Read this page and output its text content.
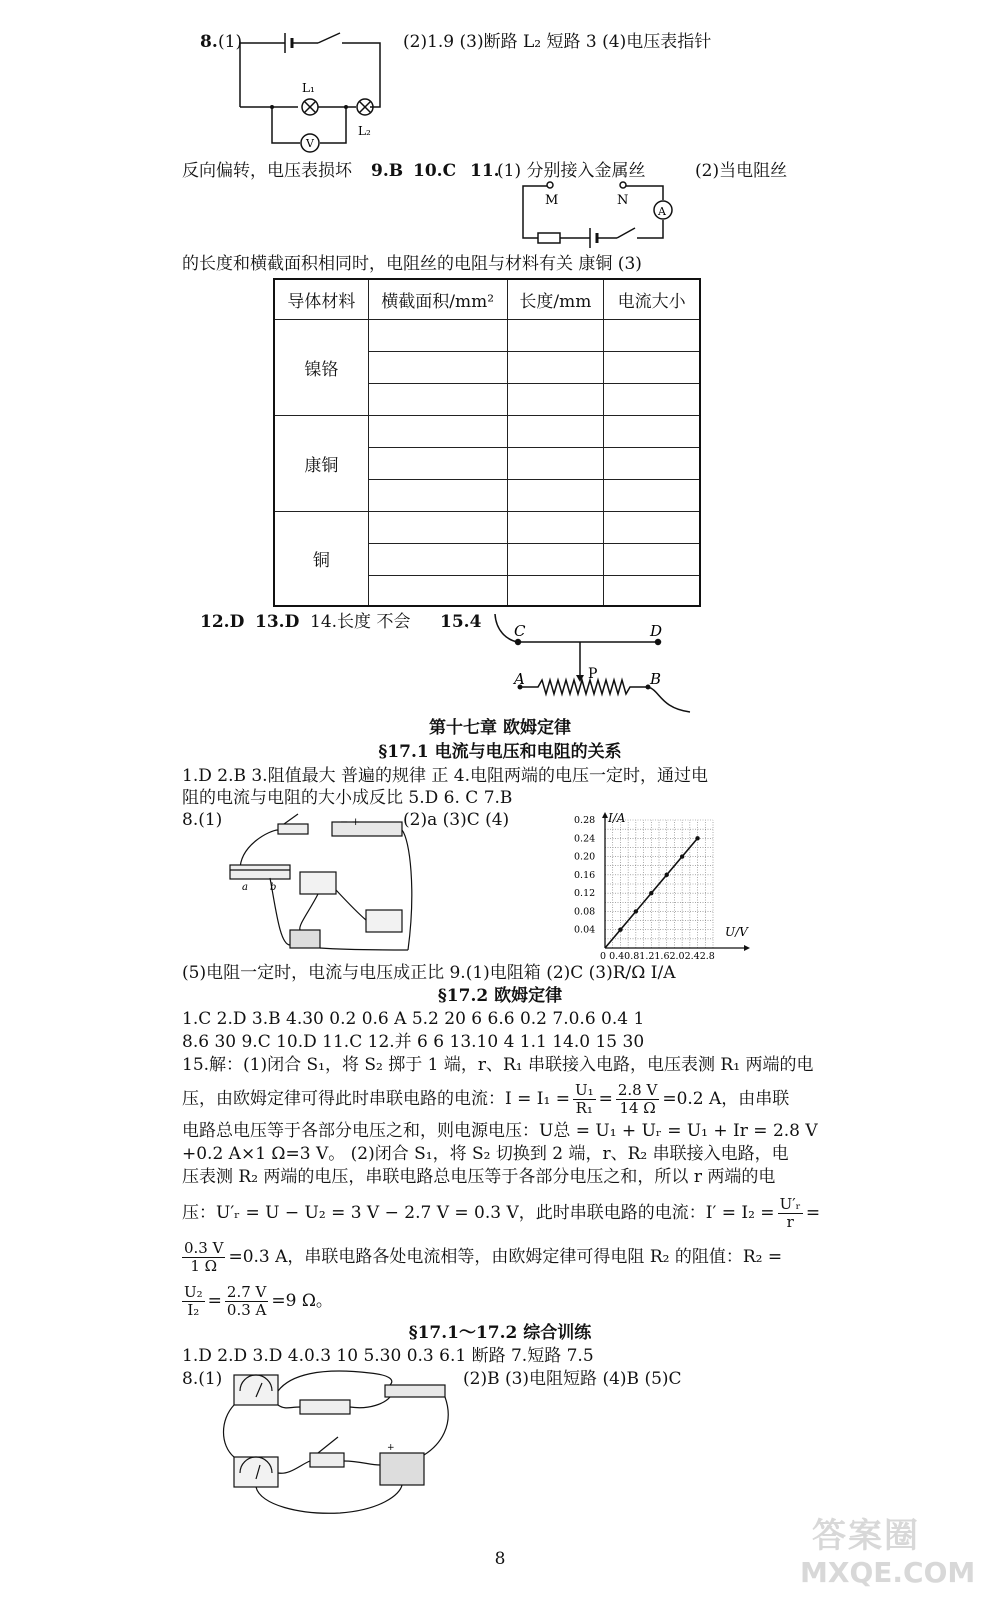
8. (1)
L₁
L₂
V
(2)1.9 (3)断路 L₂ 短路 3 (4)电压表指针
反向偏转，电压表损坏 9.B 10.C 11.
(1) 分别接入金属丝	(2)当电阻丝
M	N
A
的长度和横截面积相同时，电阻丝的电阻与材料有关 康铜 (3)
导体材料	横截面积/mm²	长度/mm	电流大小
镍铬			

康铜			

铜			

12.D 13.D 14.长度 不会 15.4 C	D
P
A	B
第十七章 欧姆定律
§17.1 电流与电压和电阻的关系
1.D 2.B 3.阻值最大 普遍的规律 正 4.电阻两端的电压一定时，通过电
阻的电流与电阻的大小成反比 5.D 6. C 7.B
8.(1)	− +
a b
(2)a (3)C (4)	0.28
0.24
0.20
0.16
0.12
0.08
0.04
I/A
U/V
0 0.40.81.21.62.02.42.8
(5)电阻一定时，电流与电压成正比 9.(1)电阻箱 (2)C (3)R/Ω I/A
§17.2 欧姆定律
1.C 2.D 3.B 4.30 0.2 0.6 A 5.2 20 6 6.6 0.2 7.0.6 0.4 1
8.6 30 9.C 10.D 11.C 12.并 6 6 13.10 4 1.1 14.0 15 30
15.解：(1)闭合 S₁，将 S₂ 掷于 1 端，r、R₁ 串联接入电路，电压表测 R₁ 两端的电
压，由欧姆定律可得此时串联电路的电流：$I = I_1 = \frac{\text{U₁}}{\text{R₁}} = \frac{2.8 V}{14 \Omega} =0.2$ A，由串联
电路总电压等于各部分电压之和，则电源电压：U总 = U₁ + Uᵣ = U₁ + Ir = 2.8 V
+0.2 A×1 Ω=3 V。 (2)闭合 S₁，将 S₂ 切换到 2 端，r、R₂ 串联接入电路，电
压表测 R₂ 两端的电压，串联电路总电压等于各部分电压之和，所以 r 两端的电
压：U′ᵣ = U − U₂ = 3 V − 2.7 V = 0.3 V，此时串联电路的电流：$I' = I_2 = \frac{\text{U′ᵣ}}{r}$ =
$\frac{0.3 V}{1 \Omega} =0.3$ A，串联电路各处电流相等，由欧姆定律可得电阻 R₂ 的阻值：R₂ =
$\frac{\text{U₂}}{\text{I₂}} = \frac{2.7 V}{0.3 A} =9$ Ω。
§17.1～17.2 综合训练
1.D 2.D 3.D 4.0.3 10 5.30 0.3 6.1 断路 7.短路 7.5
8.(1)	(2)B (3)电阻短路 (4)B (5)C
+
8
答案圈
MXQE.COM
